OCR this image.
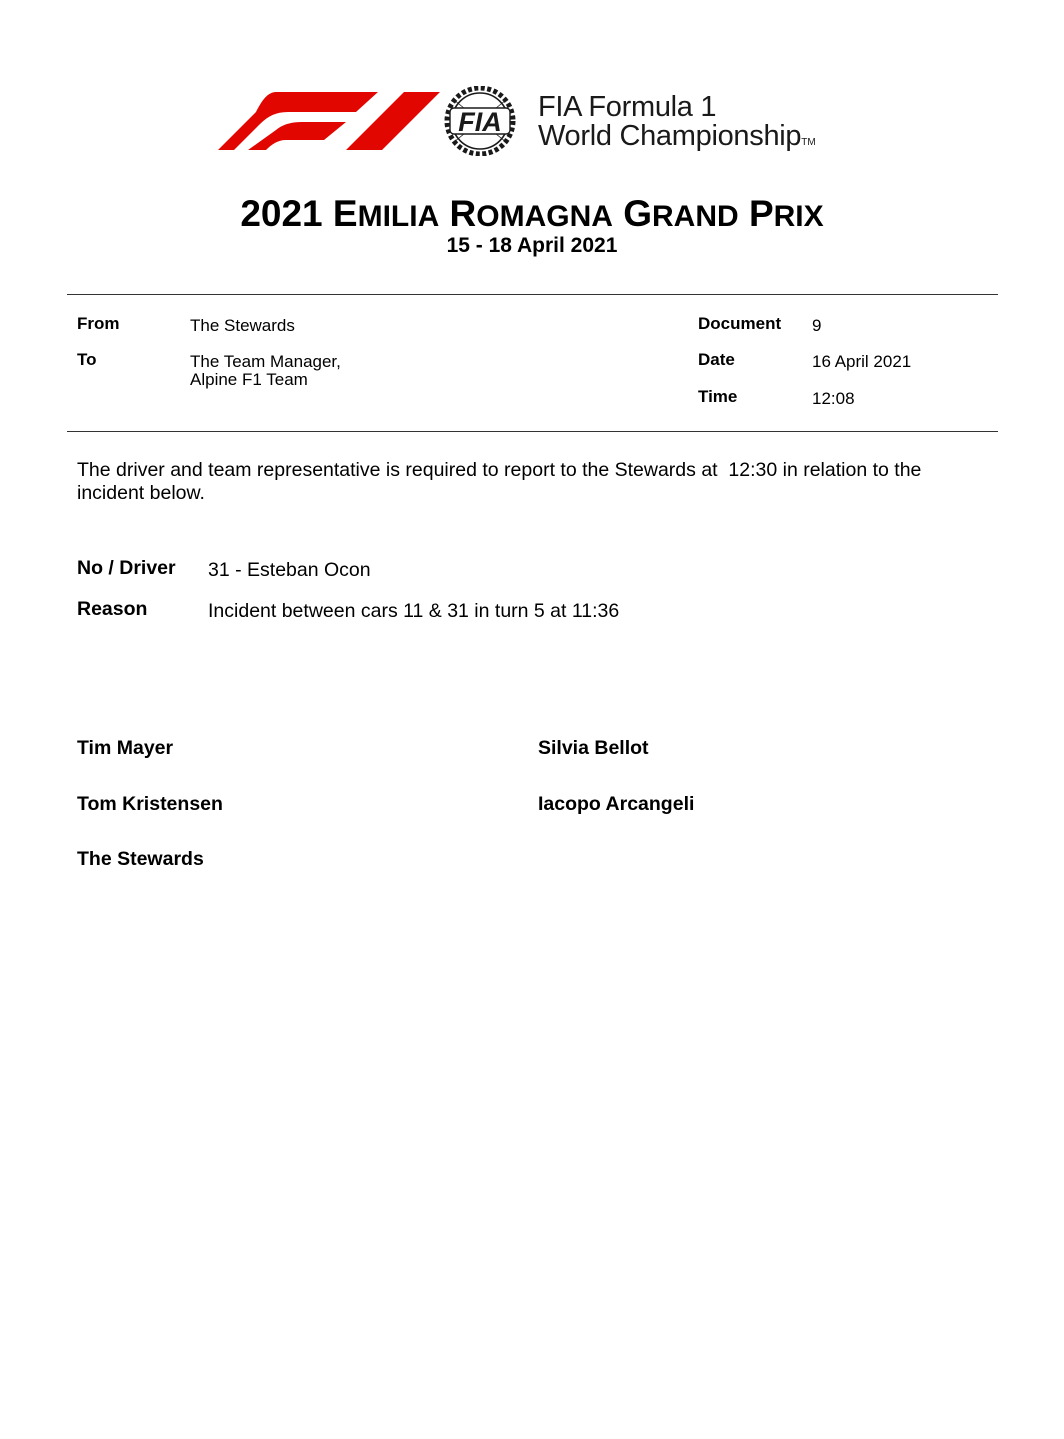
FIA FIA Formula 1
World ChampionshipTM
2021 EMILIA ROMAGNA GRAND PRIX
15 - 18 April 2021
From	The Stewards
To	The Team Manager,
Alpine F1 Team
Document 9
Date	16 April 2021
Time	12:08
The driver and team representative is required to report to the Stewards at  12:30 in relation to the incident below.
No / Driver 31 - Esteban Ocon
Reason	Incident between cars 11 & 31 in turn 5 at 11:36
Tim Mayer	Silvia Bellot
Tom Kristensen	Iacopo Arcangeli
The Stewards
